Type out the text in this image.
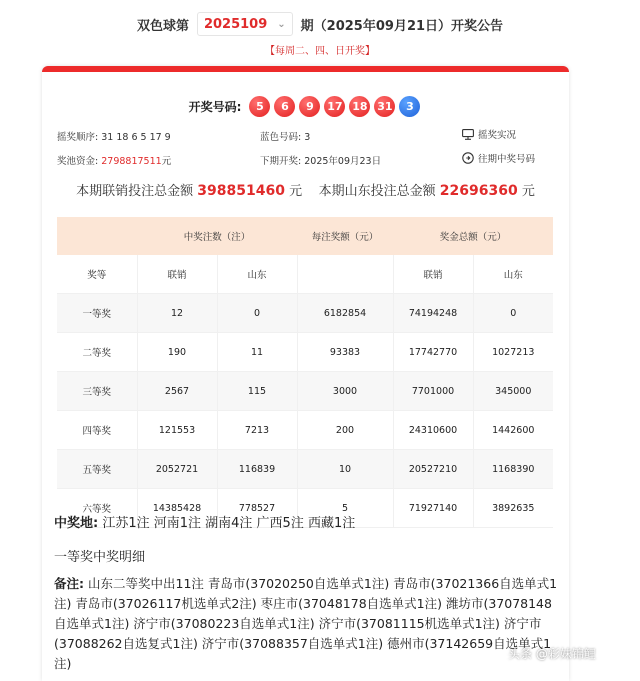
双色球第 2025109 ⌄ 期（2025年09月21日）开奖公告
【每周二、四、日开奖】
开奖号码:	5	6	9	17 18 31	3
摇奖顺序: 31 18 6 5 17 9	蓝色号码: 3	摇奖实况
奖池资金: 2798817511元	下期开奖: 2025年09月23日	往期中奖号码
本期联销投注总金额 398851460 元 本期山东投注总金额 22696360 元
	中奖注数（注）		每注奖额（元）	奖金总额（元）	
奖等	联销	山东		联销	山东
一等奖	12	0	6182854	74194248	0
二等奖	190	11	93383	17742770	1027213
三等奖	2567	115	3000	7701000	345000
四等奖	121553	7213	200	24310600	1442600
五等奖	2052721	116839	10	20527210	1168390
六等奖	14385428	778527	5	71927140	3892635
中奖地: 江苏1注 河南1注 湖南4注 广西5注 西藏1注
一等奖中奖明细
备注: 山东二等奖中出11注 青岛市(37020250自选单式1注) 青岛市(37021366自选单式1注) 青岛市(37026117机选单式2注) 枣庄市(37048178自选单式1注) 潍坊市(37078148自选单式1注) 济宁市(37080223自选单式1注) 济宁市(37081115机选单式1注) 济宁市(37088262自选复式1注) 济宁市(37088357自选单式1注) 德州市(37142659自选单式1注)
头条 @彩妹锦鲤
